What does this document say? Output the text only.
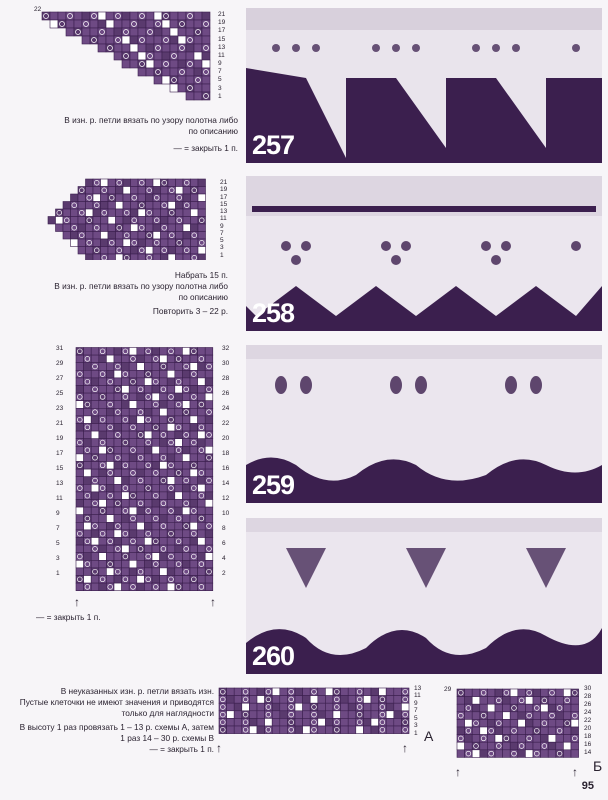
22
21
19
17
15
13
11
9
7
5
3
1
В изн. р. петли вязать по узору полотна либо
по описанию
— = закрыть 1 п. 257
21
19
17
15
13
11
9
7
5
3
1
Набрать 15 п.
В изн. р. петли вязать по узору полотна либо
по описанию
Повторить 3 – 22 р. 258
31
29
27
25
23
21
19
17
15
13
11
9
7
5
3
1
32
30
28
26
24
22
20
18
16
14
12
10
8
6
4
2
↑	↑
— = закрыть 1 п.
259
260
В неуказанных изн. р. петли вязать изн.
Пустые клеточки не имеют значения и приводятся
только для наглядности
В высоту 1 раз провязать 1 – 13 р. схемы А, затем
1 раз 14 – 30 р. схемы В
— = закрыть 1 п.
13
11
9
7
5
3
1
↑	↑
А
29	30
28
26
24
22
20
18
16
14
↑	↑ Б
95
